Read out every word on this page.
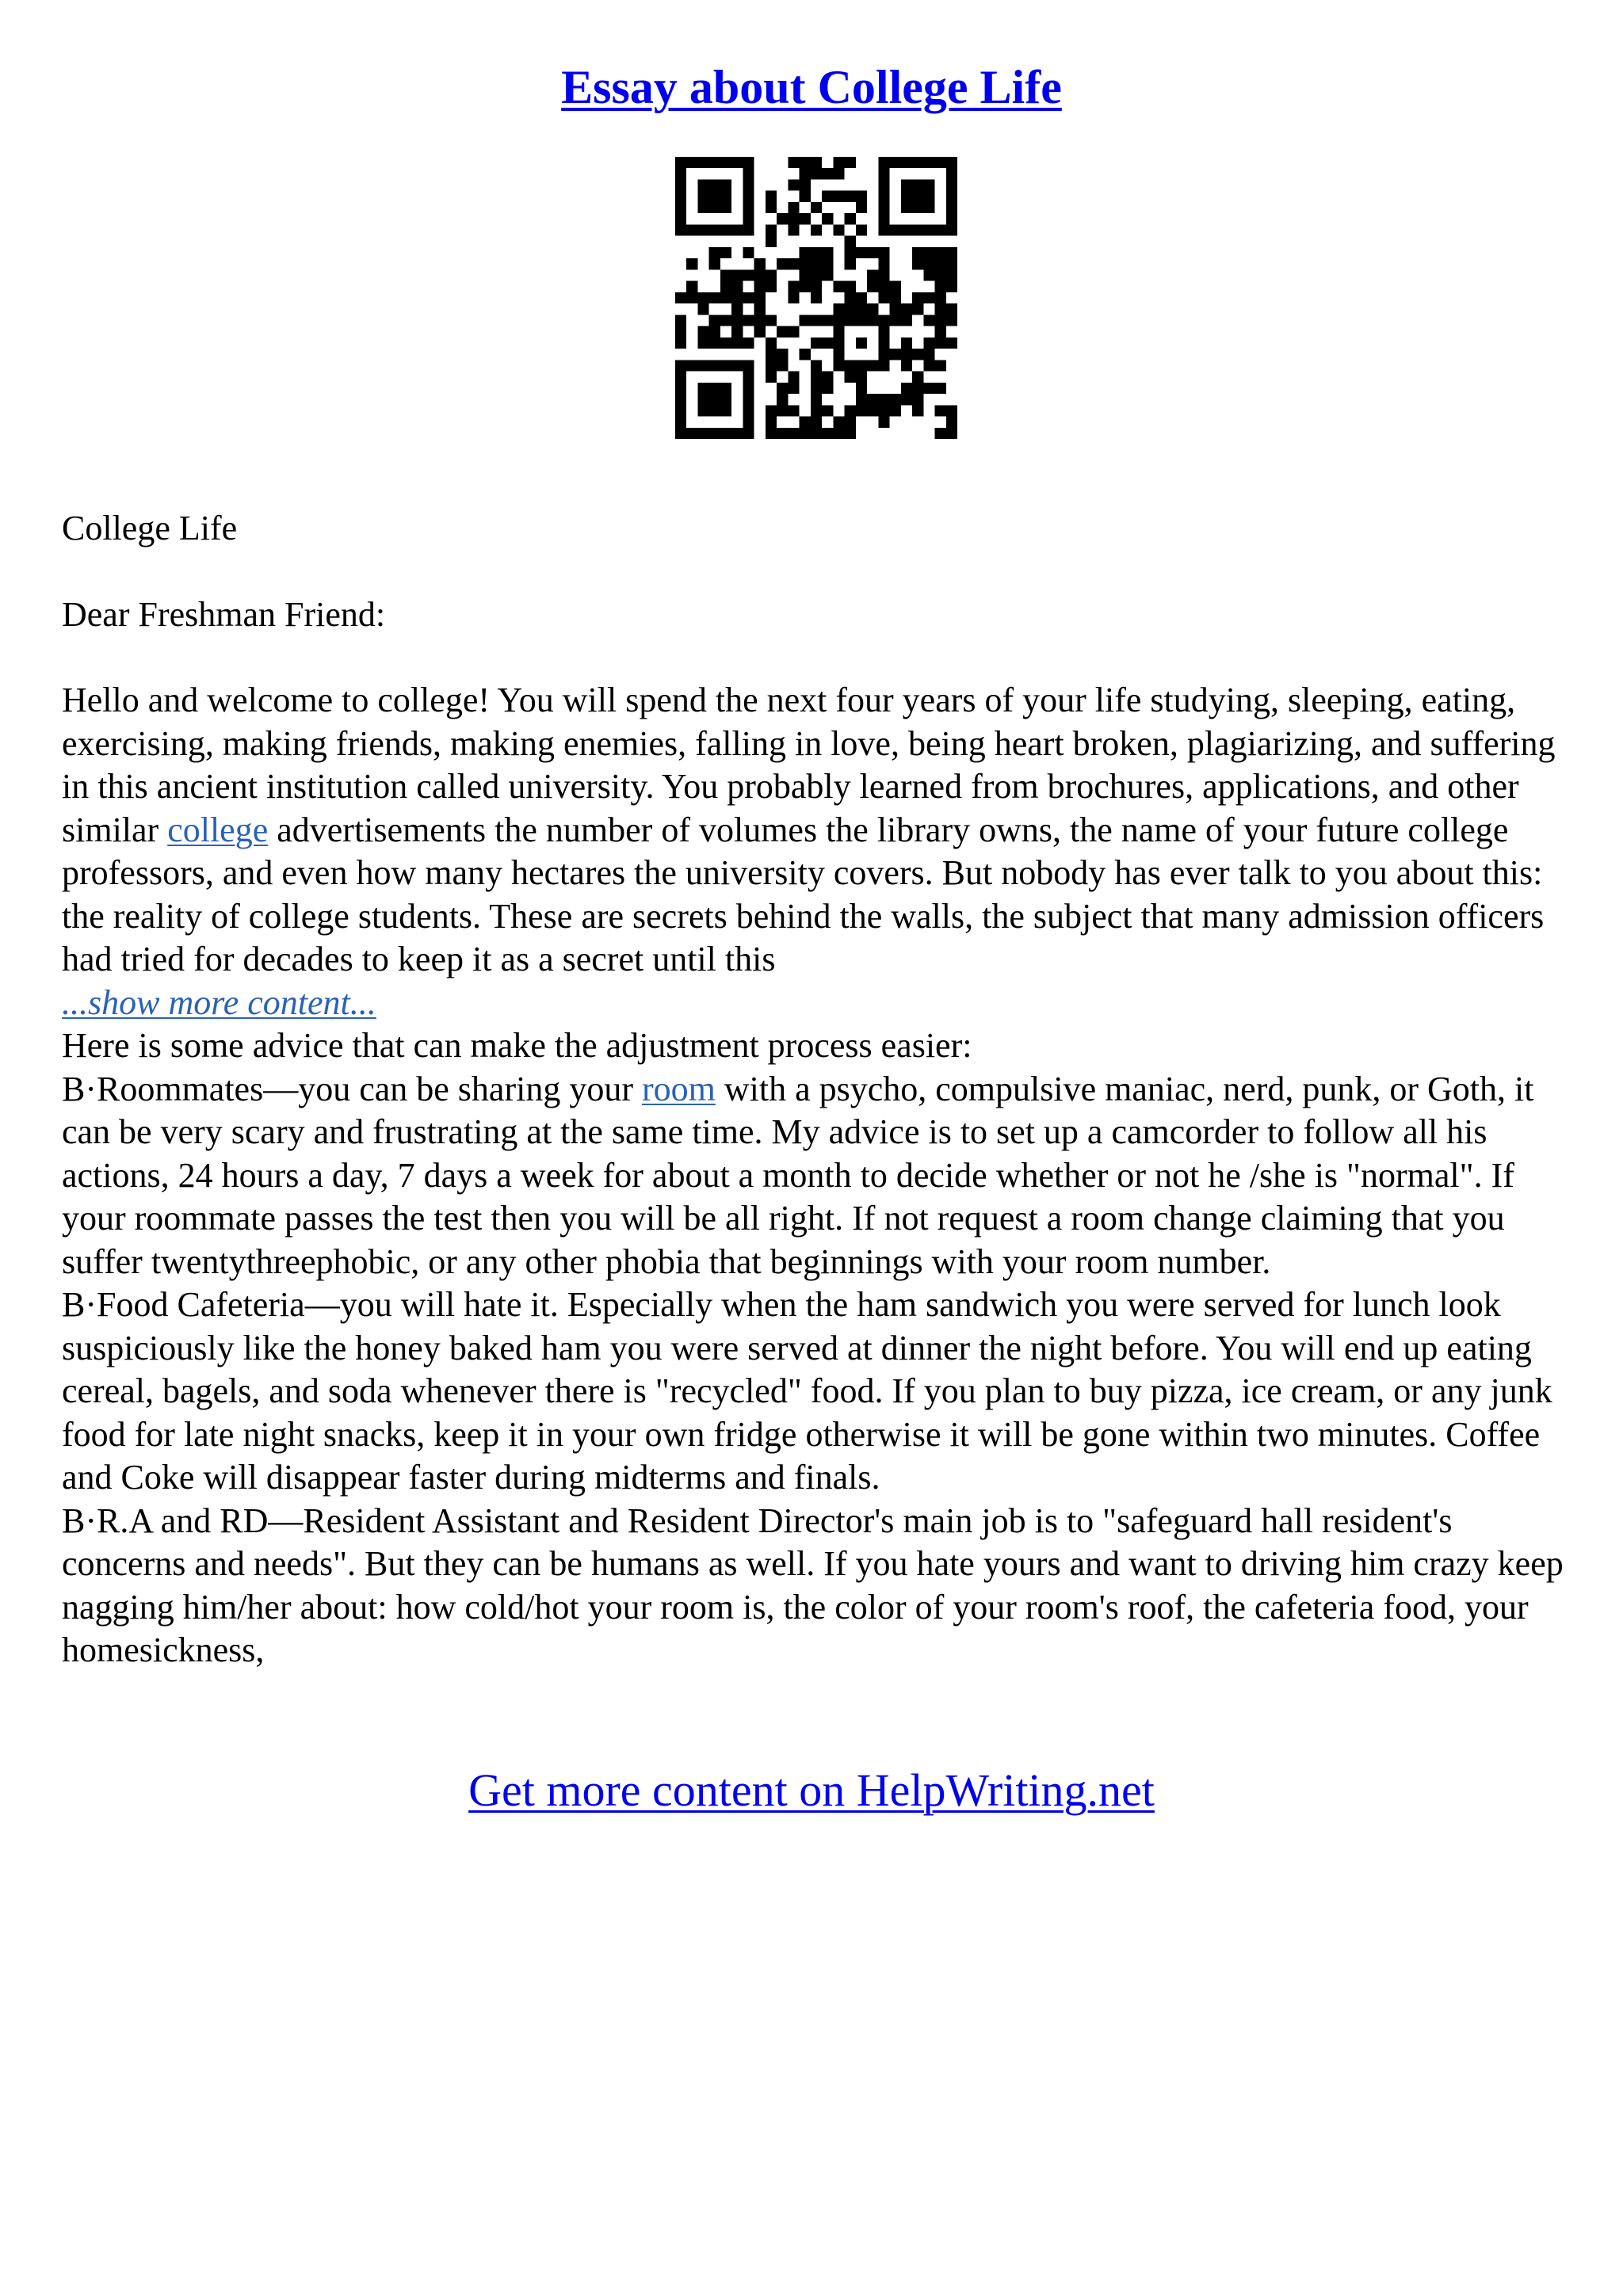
Essay about College Life

College Life

Dear Freshman Friend:

Hello and welcome to college! You will spend the next four years of your life studying, sleeping, eating, exercising, making friends, making enemies, falling in love, being heart broken, plagiarizing, and suffering in this ancient institution called university. You probably learned from brochures, applications, and other similar college advertisements the number of volumes the library owns, the name of your future college professors, and even how many hectares the university covers. But nobody has ever talk to you about this: the reality of college students. These are secrets behind the walls, the subject that many admission officers had tried for decades to keep it as a secret until this

...show more content...

Here is some advice that can make the adjustment process easier:

B·Roommates—you can be sharing your room with a psycho, compulsive maniac, nerd, punk, or Goth, it can be very scary and frustrating at the same time. My advice is to set up a camcorder to follow all his actions, 24 hours a day, 7 days a week for about a month to decide whether or not he /she is "normal". If your roommate passes the test then you will be all right. If not request a room change claiming that you suffer twentythreephobic, or any other phobia that beginnings with your room number.

B·Food Cafeteria—you will hate it. Especially when the ham sandwich you were served for lunch look suspiciously like the honey baked ham you were served at dinner the night before. You will end up eating cereal, bagels, and soda whenever there is "recycled" food. If you plan to buy pizza, ice cream, or any junk food for late night snacks, keep it in your own fridge otherwise it will be gone within two minutes. Coffee and Coke will disappear faster during midterms and finals.

B·R.A and RD—Resident Assistant and Resident Director's main job is to "safeguard hall resident's concerns and needs". But they can be humans as well. If you hate yours and want to driving him crazy keep nagging him/her about: how cold/hot your room is, the color of your room's roof, the cafeteria food, your homesickness,

Get more content on HelpWriting.net
